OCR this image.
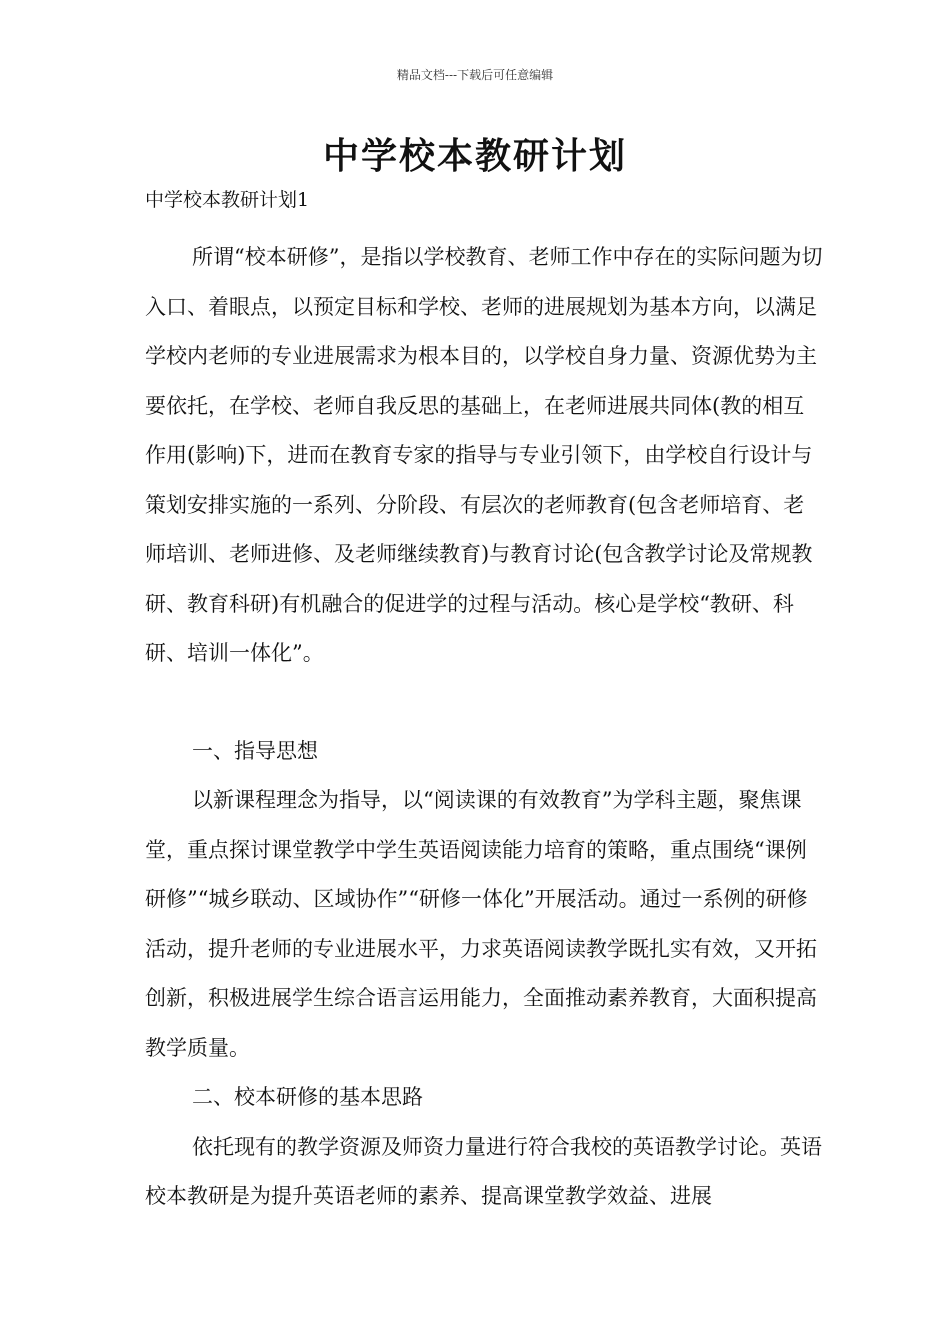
精品文档---下载后可任意编辑
中学校本教研计划

中学校本教研计划1

所谓“校本研修”，是指以学校教育、老师工作中存在的实际问题为切入口、着眼点，以预定目标和学校、老师的进展规划为基本方向，以满足学校内老师的专业进展需求为根本目的，以学校自身力量、资源优势为主要依托，在学校、老师自我反思的基础上，在老师进展共同体(教的相互作用(影响)下，进而在教育专家的指导与专业引领下，由学校自行设计与策划安排实施的一系列、分阶段、有层次的老师教育(包含老师培育、老师培训、老师进修、及老师继续教育)与教育讨论(包含教学讨论及常规教研、教育科研)有机融合的促进学的过程与活动。核心是学校“教研、科研、培训一体化”。

一、指导思想

以新课程理念为指导，以“阅读课的有效教育”为学科主题，聚焦课堂，重点探讨课堂教学中学生英语阅读能力培育的策略，重点围绕“课例研修”“城乡联动、区域协作”“研修一体化”开展活动。通过一系例的研修活动，提升老师的专业进展水平，力求英语阅读教学既扎实有效，又开拓创新，积极进展学生综合语言运用能力，全面推动素养教育，大面积提高教学质量。

二、校本研修的基本思路

依托现有的教学资源及师资力量进行符合我校的英语教学讨论。英语校本教研是为提升英语老师的素养、提高课堂教学效益、进展
